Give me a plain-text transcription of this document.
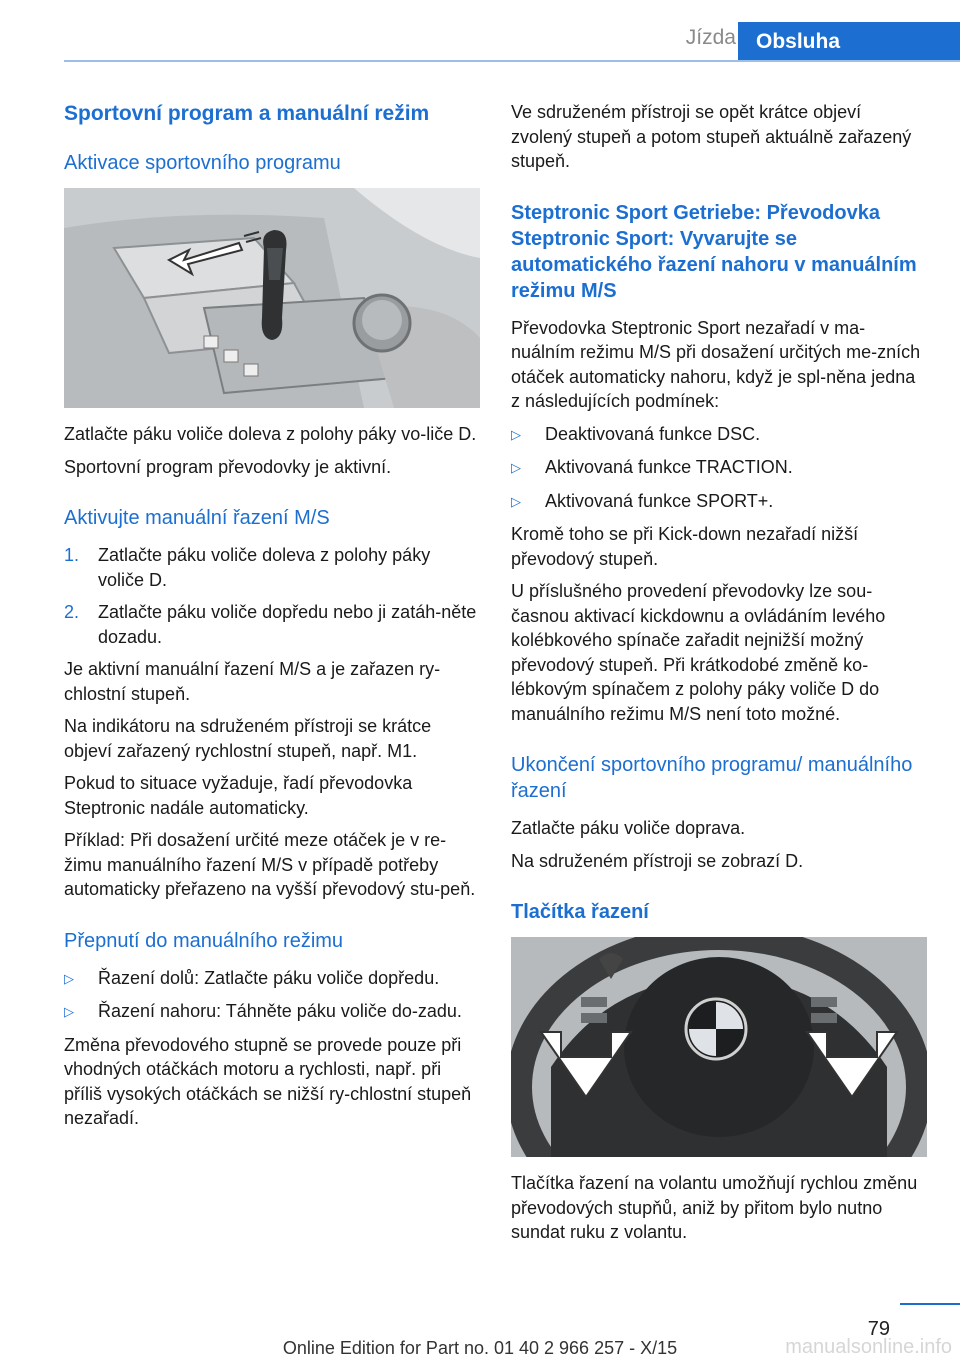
Jízda Obsluha
Sportovní program a manuální režim
Aktivace sportovního programu

Zatlačte páku voliče doleva z polohy páky vo-liče D.

Sportovní program převodovky je aktivní.

Aktivujte manuální řazení M/S
1.	Zatlačte páku voliče doleva z polohy páky voliče D.
2.	Zatlačte páku voliče dopředu nebo ji zatáh-něte dozadu.

Je aktivní manuální řazení M/S a je zařazen ry-chlostní stupeň.

Na indikátoru na sdruženém přístroji se krátce objeví zařazený rychlostní stupeň, např. M1.

Pokud to situace vyžaduje, řadí převodovka Steptronic nadále automaticky.

Příklad: Při dosažení určité meze otáček je v re-žimu manuálního řazení M/S v případě potřeby automaticky přeřazeno na vyšší převodový stu-peň.

Přepnutí do manuálního režimu
▷	Řazení dolů: Zatlačte páku voliče dopředu.
▷	Řazení nahoru: Táhněte páku voliče do-zadu.

Změna převodového stupně se provede pouze při vhodných otáčkách motoru a rychlosti, např. při příliš vysokých otáčkách se nižší ry-chlostní stupeň nezařadí.

Ve sdruženém přístroji se opět krátce objeví zvolený stupeň a potom stupeň aktuálně zařazený stupeň.

Steptronic Sport Getriebe: Převodovka Steptronic Sport: Vyvarujte se automatického řazení nahoru v manuálním režimu M/S

Převodovka Steptronic Sport nezařadí v ma-nuálním režimu M/S při dosažení určitých me-zních otáček automaticky nahoru, když je spl-něna jedna z následujících podmínek:

▷	Deaktivovaná funkce DSC.
▷	Aktivovaná funkce TRACTION.
▷	Aktivovaná funkce SPORT+.

Kromě toho se při Kick-down nezařadí nižší převodový stupeň.

U příslušného provedení převodovky lze sou-časnou aktivací kickdownu a ovládáním levého kolébkového spínače zařadit nejnižší možný převodový stupeň. Při krátkodobé změně ko-lébkovým spínačem z polohy páky voliče D do manuálního režimu M/S není toto možné.

Ukončení sportovního programu/ manuálního řazení

Zatlačte páku voliče doprava.

Na sdruženém přístroji se zobrazí D.

Tlačítka řazení

Tlačítka řazení na volantu umožňují rychlou změnu převodových stupňů, aniž by přitom bylo nutno sundat ruku z volantu.

79
Online Edition for Part no. 01 40 2 966 257 - X/15	manualsonline.info
